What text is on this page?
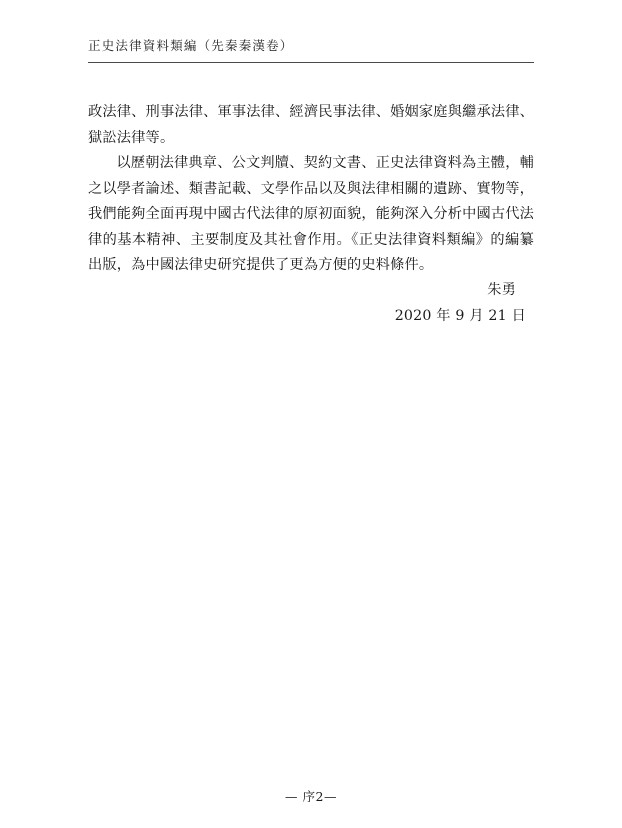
正史法律資料類編（先秦秦漢卷）

政法律、刑事法律、軍事法律、經濟民事法律、婚姻家庭與繼承法律、獄訟法律等。

以歷朝法律典章、公文判牘、契約文書、正史法律資料為主體，輔之以學者論述、類書記載、文學作品以及與法律相關的遺跡、實物等，我們能夠全面再現中國古代法律的原初面貌，能夠深入分析中國古代法律的基本精神、主要制度及其社會作用。《正史法律資料類編》的編纂出版，為中國法律史研究提供了更為方便的史料條件。

朱勇
2020 年 9 月 21 日
— 序2—
